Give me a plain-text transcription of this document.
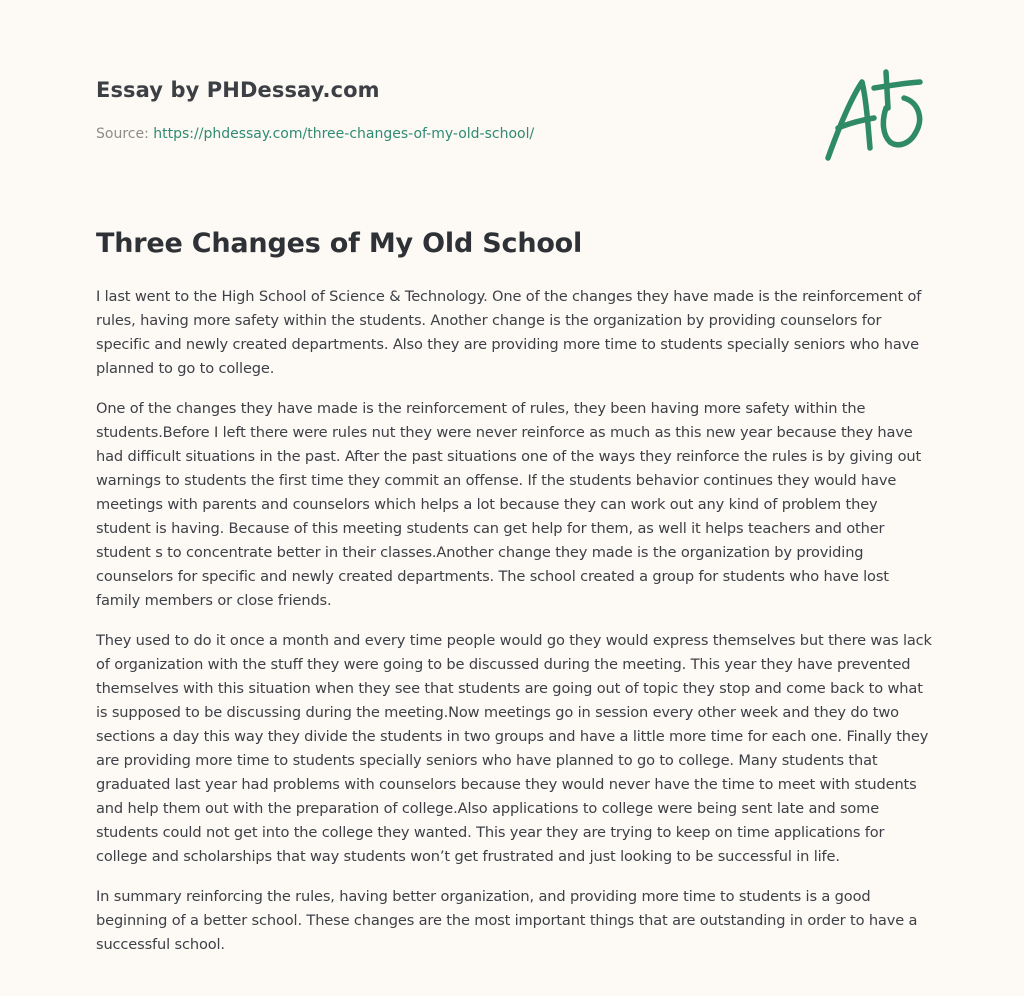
Essay by PHDessay.com
Source: https://phdessay.com/three-changes-of-my-old-school/
Three Changes of My Old School

I last went to the High School of Science & Technology. One of the changes they have made is the reinforcement of rules, having more safety within the students. Another change is the organization by providing counselors for specific and newly created departments. Also they are providing more time to students specially seniors who have planned to go to college.

One of the changes they have made is the reinforcement of rules, they been having more safety within the students.Before I left there were rules nut they were never reinforce as much as this new year because they have had difficult situations in the past. After the past situations one of the ways they reinforce the rules is by giving out warnings to students the first time they commit an offense. If the students behavior continues they would have meetings with parents and counselors which helps a lot because they can work out any kind of problem they student is having. Because of this meeting students can get help for them, as well it helps teachers and other student s to concentrate better in their classes.Another change they made is the organization by providing counselors for specific and newly created departments. The school created a group for students who have lost family members or close friends.

They used to do it once a month and every time people would go they would express themselves but there was lack of organization with the stuff they were going to be discussed during the meeting. This year they have prevented themselves with this situation when they see that students are going out of topic they stop and come back to what is supposed to be discussing during the meeting.Now meetings go in session every other week and they do two sections a day this way they divide the students in two groups and have a little more time for each one. Finally they are providing more time to students specially seniors who have planned to go to college. Many students that graduated last year had problems with counselors because they would never have the time to meet with students and help them out with the preparation of college.Also applications to college were being sent late and some students could not get into the college they wanted. This year they are trying to keep on time applications for college and scholarships that way students won’t get frustrated and just looking to be successful in life.

In summary reinforcing the rules, having better organization, and providing more time to students is a good beginning of a better school. These changes are the most important things that are outstanding in order to have a successful school.
